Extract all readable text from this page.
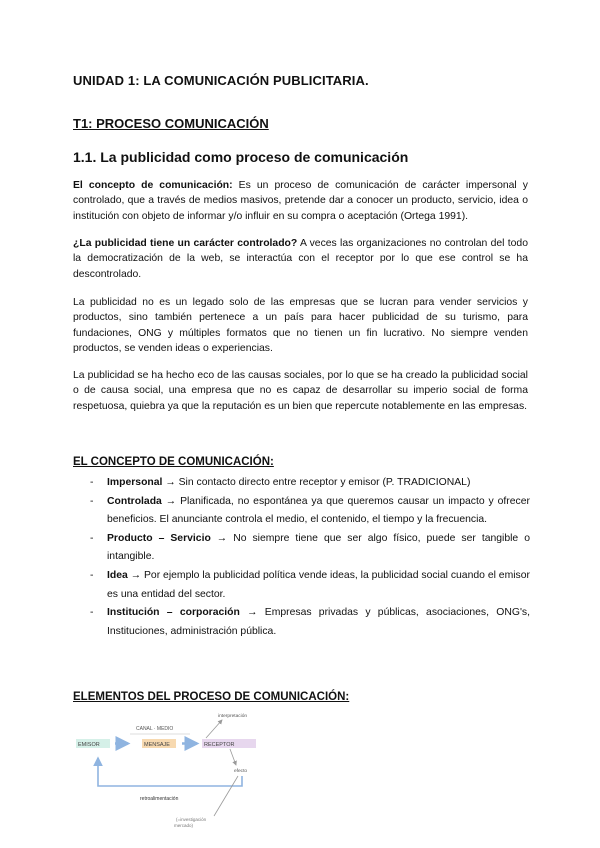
UNIDAD 1: LA COMUNICACIÓN PUBLICITARIA.
T1: PROCESO COMUNICACIÓN
1.1. La publicidad como proceso de comunicación

El concepto de comunicación: Es un proceso de comunicación de carácter impersonal y controlado, que a través de medios masivos, pretende dar a conocer un producto, servicio, idea o institución con objeto de informar y/o influir en su compra o aceptación (Ortega 1991).

¿La publicidad tiene un carácter controlado? A veces las organizaciones no controlan del todo la democratización de la web, se interactúa con el receptor por lo que ese control se ha descontrolado.

La publicidad no es un legado solo de las empresas que se lucran para vender servicios y productos, sino también pertenece a un país para hacer publicidad de su turismo, para fundaciones, ONG y múltiples formatos que no tienen un fin lucrativo. No siempre venden productos, se venden ideas o experiencias.

La publicidad se ha hecho eco de las causas sociales, por lo que se ha creado la publicidad social o de causa social, una empresa que no es capaz de desarrollar su imperio social de forma respetuosa, quiebra ya que la reputación es un bien que repercute notablemente en las empresas.

EL CONCEPTO DE COMUNICACIÓN:
- Impersonal → Sin contacto directo entre receptor y emisor (P. TRADICIONAL)
- Controlada → Planificada, no espontánea ya que queremos causar un impacto y ofrecer beneficios. El anunciante controla el medio, el contenido, el tiempo y la frecuencia.
- Producto – Servicio → No siempre tiene que ser algo físico, puede ser tangible o intangible.
- Idea → Por ejemplo la publicidad política vende ideas, la publicidad social cuando el emisor es una entidad del sector.
- Institución – corporación → Empresas privadas y públicas, asociaciones, ONG's, Instituciones, administración pública.
ELEMENTOS DEL PROCESO DE COMUNICACIÓN:
EMISOR
CANAL · MEDIO
MENSAJE	RECEPTOR
interpretación
efecto
retroalimentación
(=investigación
mercado)
